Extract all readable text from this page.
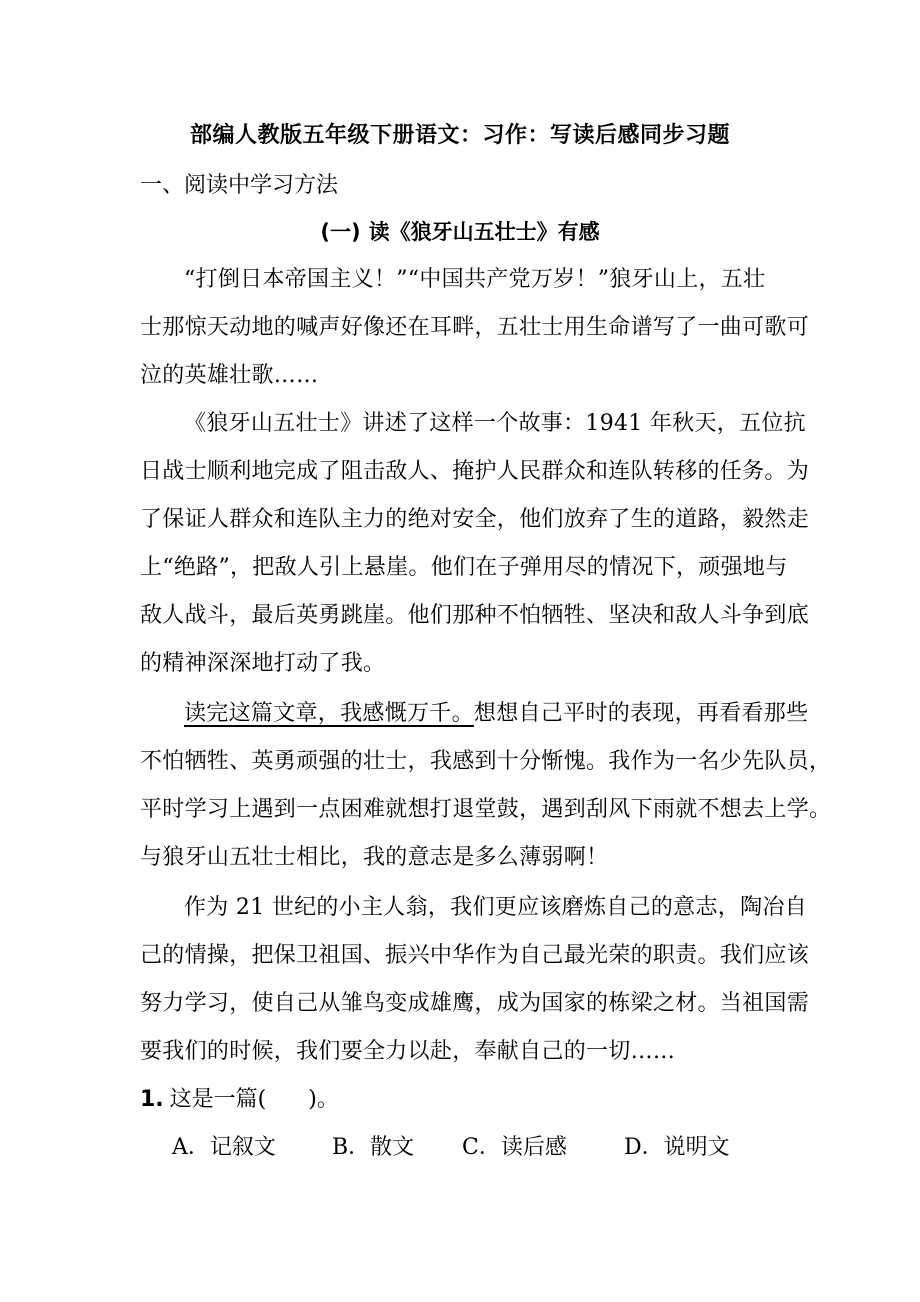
部编人教版五年级下册语文：习作：写读后感同步习题
一、阅读中学习方法
(一) 读《狼牙山五壮士》有感
“打倒日本帝国主义！”“中国共产党万岁！”狼牙山上，五壮
士那惊天动地的喊声好像还在耳畔，五壮士用生命谱写了一曲可歌可
泣的英雄壮歌……
《狼牙山五壮士》讲述了这样一个故事：1941 年秋天，五位抗
日战士顺利地完成了阻击敌人、掩护人民群众和连队转移的任务。为
了保证人群众和连队主力的绝对安全，他们放弃了生的道路，毅然走
上“绝路”，把敌人引上悬崖。他们在子弹用尽的情况下，顽强地与
敌人战斗，最后英勇跳崖。他们那种不怕牺牲、坚决和敌人斗争到底
的精神深深地打动了我。
读完这篇文章，我感慨万千。想想自己平时的表现，再看看那些
不怕牺牲、英勇顽强的壮士，我感到十分惭愧。我作为一名少先队员，
平时学习上遇到一点困难就想打退堂鼓，遇到刮风下雨就不想去上学。
与狼牙山五壮士相比，我的意志是多么薄弱啊！
作为 21 世纪的小主人翁，我们更应该磨炼自己的意志，陶冶自
己的情操，把保卫祖国、振兴中华作为自己最光荣的职责。我们应该
努力学习，使自己从雏鸟变成雄鹰，成为国家的栋梁之材。当祖国需
要我们的时候，我们要全力以赴，奉献自己的一切……
1. 这是一篇( )。
A．记叙文	B．散文 C．读后感	D．说明文
